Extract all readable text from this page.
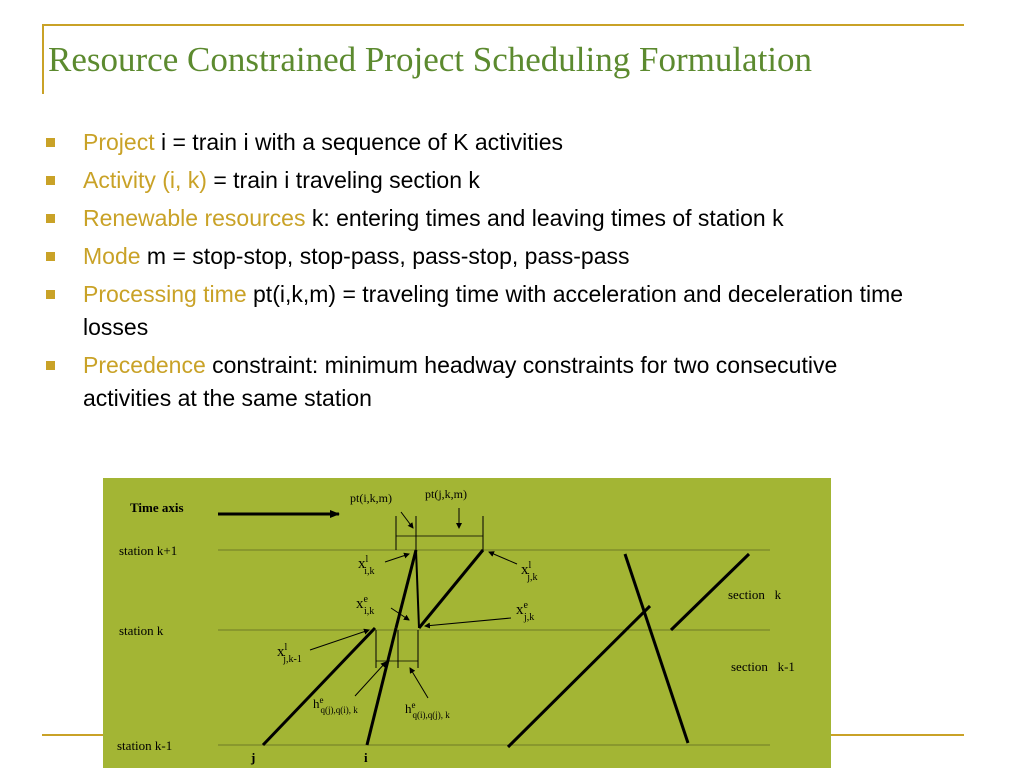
Resource Constrained Project Scheduling Formulation
Project i = train i with a sequence of K activities
Activity (i, k) = train i traveling section k
Renewable resources k: entering times and leaving times of station k
Mode m = stop-stop, stop-pass, pass-stop, pass-pass
Processing time pt(i,k,m) = traveling time with acceleration and deceleration time losses
Precedence constraint: minimum headway constraints for two consecutive activities at the same station
Time axis
station k+1
station k
station k-1
pt(i,k,m)	pt(j,k,m)
$x^l$ i,k	$x^l$ j,k
$x^e$ i,k	$x^e$ j,k
$x^l$ j,k-1
$h^e$ q(j),q(i), k	$h^e$ q(i),q(j), k
section   k
section   k-1
j	i
